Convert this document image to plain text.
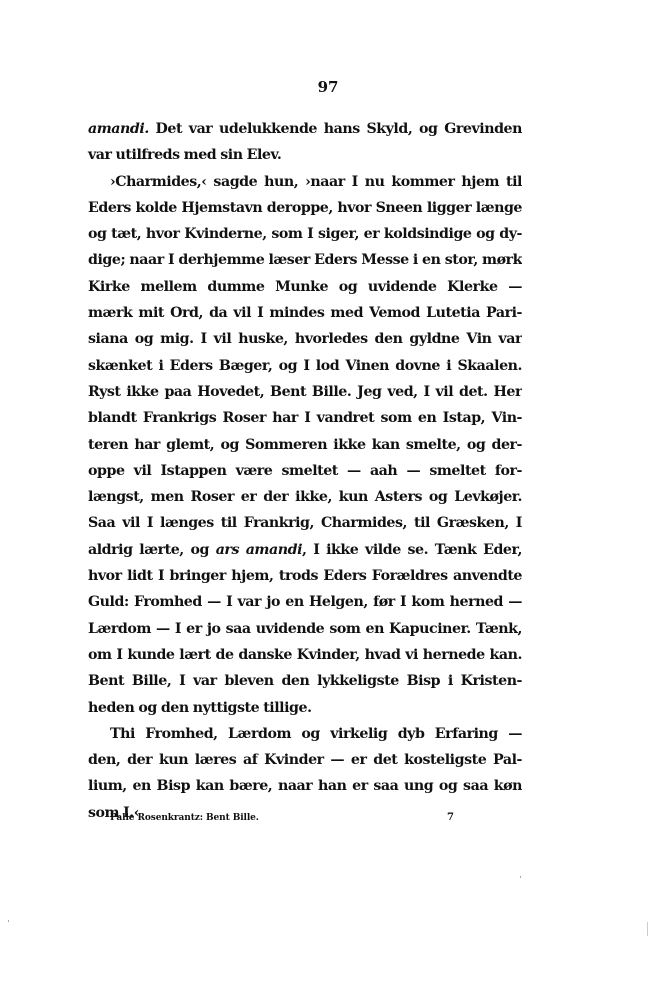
97
amandi. Det var udelukkende hans Skyld, og Grevinden
var utilfreds med sin Elev.
›Charmides,‹ sagde hun, ›naar I nu kommer hjem til
Eders kolde Hjemstavn deroppe, hvor Sneen ligger længe
og tæt, hvor Kvinderne, som I siger, er koldsindige og dy-
dige; naar I derhjemme læser Eders Messe i en stor, mørk
Kirke mellem dumme Munke og uvidende Klerke —
mærk mit Ord, da vil I mindes med Vemod Lutetia Pari-
siana og mig. I vil huske, hvorledes den gyldne Vin var
skænket i Eders Bæger, og I lod Vinen dovne i Skaalen.
Ryst ikke paa Hovedet, Bent Bille. Jeg ved, I vil det. Her
blandt Frankrigs Roser har I vandret som en Istap, Vin-
teren har glemt, og Sommeren ikke kan smelte, og der-
oppe vil Istappen være smeltet — aah — smeltet for-
længst, men Roser er der ikke, kun Asters og Levkøjer.
Saa vil I længes til Frankrig, Charmides, til Græsken, I
aldrig lærte, og ars amandi, I ikke vilde se. Tænk Eder,
hvor lidt I bringer hjem, trods Eders Forældres anvendte
Guld: Fromhed — I var jo en Helgen, før I kom herned —
Lærdom — I er jo saa uvidende som en Kapuciner. Tænk,
om I kunde lært de danske Kvinder, hvad vi hernede kan.
Bent Bille, I var bleven den lykkeligste Bisp i Kristen-
heden og den nyttigste tillige.
Thi Fromhed, Lærdom og virkelig dyb Erfaring —
den, der kun læres af Kvinder — er det kosteligste Pal-
lium, en Bisp kan bære, naar han er saa ung og saa køn
som I.‹
Palle Rosenkrantz: Bent Bille.	7
